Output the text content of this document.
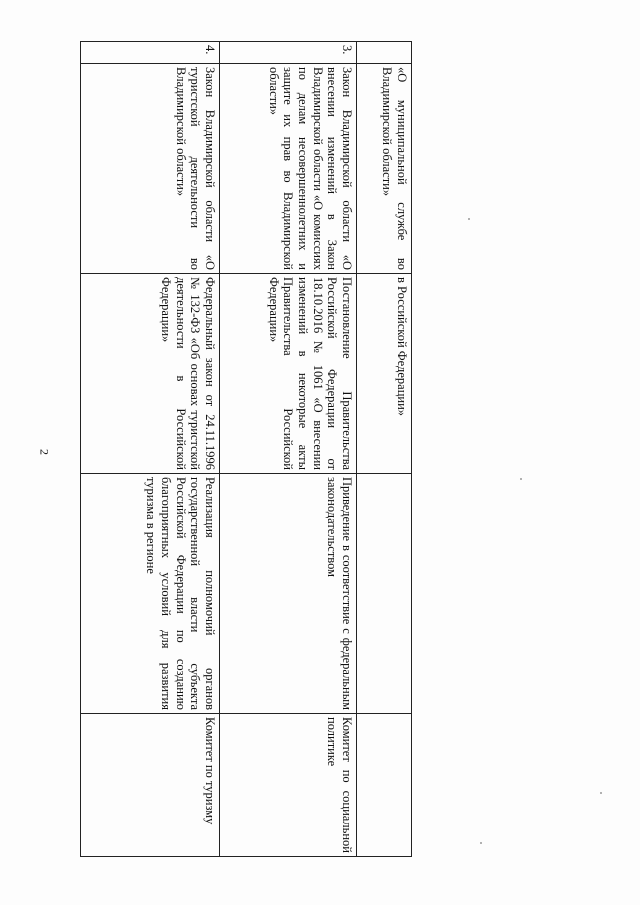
2
	«О муниципальной службе во Владимирской области»	в Российской Федерации»		
3.	Закон Владимирской области «О внесении изменений в Закон Владимирской области «О комиссиях по делам несовершеннолетних и защите их прав во Владимирской области»	Постановление Правительства Российской Федерации от 18.10.2016 № 1061 «О внесении изменений в некоторые акты Правительства Российской Федерации»	Приведение в соответствие с федеральным законодательством	Комитет по социальной политике
4.	Закон Владимирской области «О туристской деятельности во Владимирской области»	Федеральный закон от 24.11.1996 № 132-ФЗ «Об основах туристской деятельности в Российской Федерации»	Реализация полномочий органов государственной власти субъекта Российской Федерации по созданию благоприятных условий для развития туризма в регионе	Комитет по туризму
